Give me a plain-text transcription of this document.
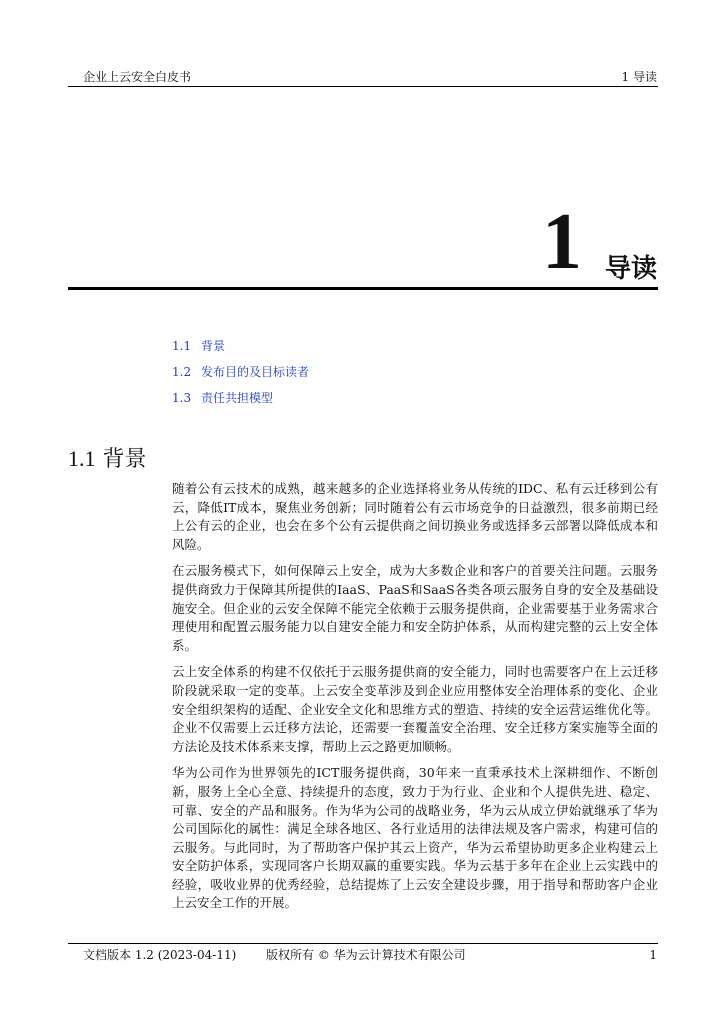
企业上云安全白皮书	1 导读
1 导读
1.1 背景
1.2 发布目的及目标读者
1.3 责任共担模型
1.1 背景

随着公有云技术的成熟，越来越多的企业选择将业务从传统的IDC、私有云迁移到公有云，降低IT成本，聚焦业务创新；同时随着公有云市场竞争的日益激烈，很多前期已经上公有云的企业，也会在多个公有云提供商之间切换业务或选择多云部署以降低成本和风险。

在云服务模式下，如何保障云上安全，成为大多数企业和客户的首要关注问题。云服务提供商致力于保障其所提供的IaaS、PaaS和SaaS各类各项云服务自身的安全及基础设施安全。但企业的云安全保障不能完全依赖于云服务提供商，企业需要基于业务需求合理使用和配置云服务能力以自建安全能力和安全防护体系，从而构建完整的云上安全体系。

云上安全体系的构建不仅依托于云服务提供商的安全能力，同时也需要客户在上云迁移阶段就采取一定的变革。上云安全变革涉及到企业应用整体安全治理体系的变化、企业安全组织架构的适配、企业安全文化和思维方式的塑造、持续的安全运营运维优化等。企业不仅需要上云迁移方法论，还需要一套覆盖安全治理、安全迁移方案实施等全面的方法论及技术体系来支撑，帮助上云之路更加顺畅。

华为公司作为世界领先的ICT服务提供商，30年来一直秉承技术上深耕细作、不断创新，服务上全心全意、持续提升的态度，致力于为行业、企业和个人提供先进、稳定、可靠、安全的产品和服务。作为华为公司的战略业务，华为云从成立伊始就继承了华为公司国际化的属性：满足全球各地区、各行业适用的法律法规及客户需求，构建可信的云服务。与此同时，为了帮助客户保护其云上资产，华为云希望协助更多企业构建云上安全防护体系，实现同客户长期双赢的重要实践。华为云基于多年在企业上云实践中的经验，吸收业界的优秀经验，总结提炼了上云安全建设步骤，用于指导和帮助客户企业上云安全工作的开展。

文档版本 1.2 (2023-04-11) 版权所有 © 华为云计算技术有限公司	1
